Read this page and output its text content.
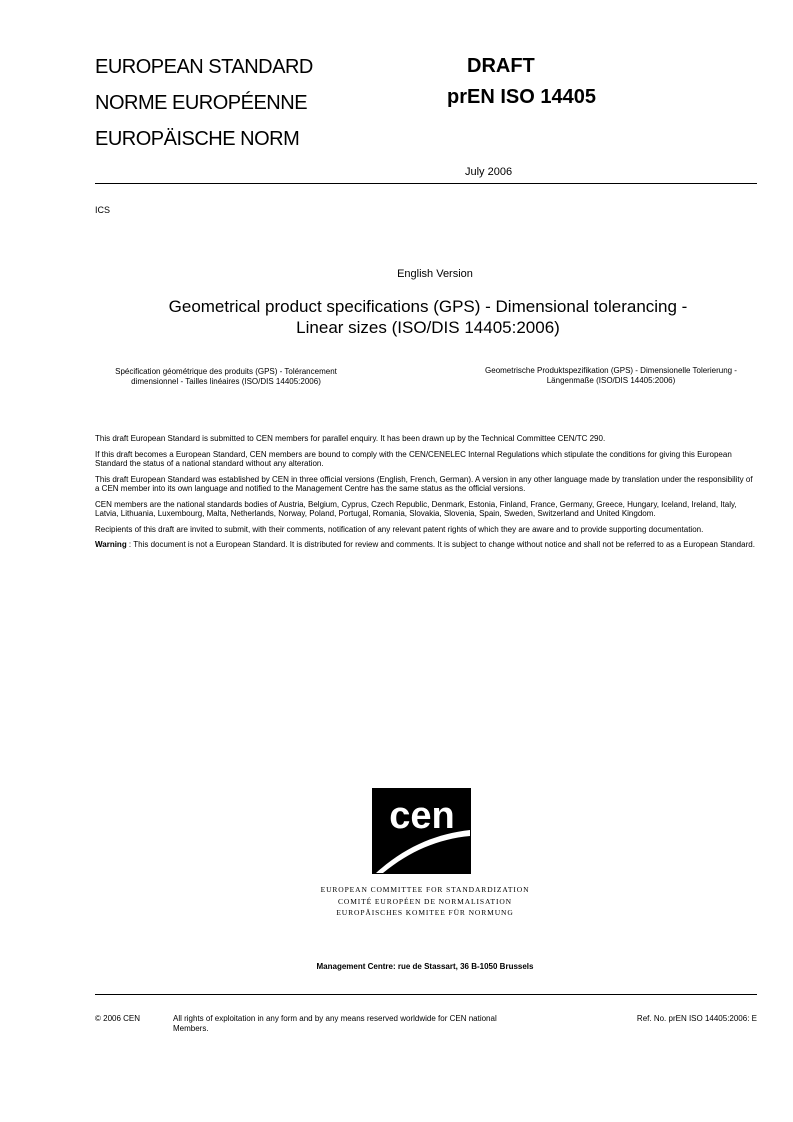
EUROPEAN STANDARD
NORME EUROPÉENNE
EUROPÄISCHE NORM
DRAFT
prEN ISO 14405
July 2006
ICS
English Version
Geometrical product specifications (GPS) - Dimensional tolerancing - Linear sizes (ISO/DIS 14405:2006)
Spécification géométrique des produits (GPS) - Tolérancement dimensionnel - Tailles linéaires (ISO/DIS 14405:2006)
Geometrische Produktspezifikation (GPS) - Dimensionelle Tolerierung - Längenmaße (ISO/DIS 14405:2006)

This draft European Standard is submitted to CEN members for parallel enquiry. It has been drawn up by the Technical Committee CEN/TC 290.

If this draft becomes a European Standard, CEN members are bound to comply with the CEN/CENELEC Internal Regulations which stipulate the conditions for giving this European Standard the status of a national standard without any alteration.

This draft European Standard was established by CEN in three official versions (English, French, German). A version in any other language made by translation under the responsibility of a CEN member into its own language and notified to the Management Centre has the same status as the official versions.

CEN members are the national standards bodies of Austria, Belgium, Cyprus, Czech Republic, Denmark, Estonia, Finland, France, Germany, Greece, Hungary, Iceland, Ireland, Italy, Latvia, Lithuania, Luxembourg, Malta, Netherlands, Norway, Poland, Portugal, Romania, Slovakia, Slovenia, Spain, Sweden, Switzerland and United Kingdom.

Recipients of this draft are invited to submit, with their comments, notification of any relevant patent rights of which they are aware and to provide supporting documentation.

Warning : This document is not a European Standard. It is distributed for review and comments. It is subject to change without notice and shall not be referred to as a European Standard.

cen
EUROPEAN COMMITTEE FOR STANDARDIZATION
COMITÉ EUROPÉEN DE NORMALISATION
EUROPÄISCHES KOMITEE FÜR NORMUNG
Management Centre: rue de Stassart, 36 B-1050 Brussels
© 2006 CEN	All rights of exploitation in any form and by any means reserved worldwide for CEN national Members.
Ref. No. prEN ISO 14405:2006: E
